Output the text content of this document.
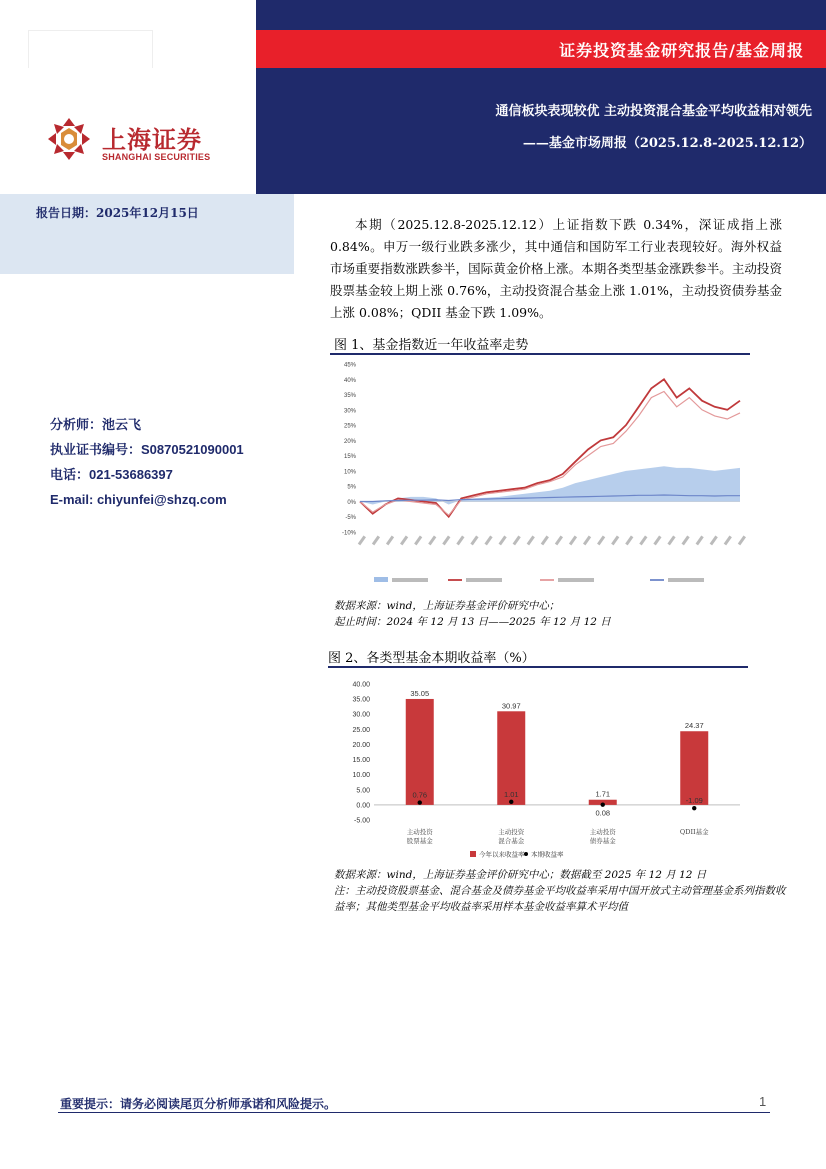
证券投资基金研究报告/基金周报
通信板块表现较优 主动投资混合基金平均收益相对领先
——基金市场周报（2025.12.8-2025.12.12）
上海证券
SHANGHAI SECURITIES
报告日期：2025年12月15日
分析师：池云飞
执业证书编号：S0870521090001
电话：021-53686397
E-mail: chiyunfei@shzq.com
本期（2025.12.8-2025.12.12）上证指数下跌 0.34%，深证成指上涨 0.84%。申万一级行业跌多涨少，其中通信和国防军工行业表现较好。海外权益市场重要指数涨跌参半，国际黄金价格上涨。本期各类型基金涨跌参半。主动投资股票基金较上期上涨 0.76%，主动投资混合基金上涨 1.01%，主动投资债券基金上涨 0.08%；QDII 基金下跌 1.09%。
图 1、基金指数近一年收益率走势
45%
40%
35%
30%
25%
20%
15%
10%
5%
0%
-5%
-10%
数据来源：wind，上海证券基金评价研究中心；
起止时间：2024 年 12 月 13 日——2025 年 12 月 12 日
图 2、各类型基金本期收益率（%）
40.00
35.00
30.00
25.00
20.00
15.00
10.00
5.00
0.00
-5.00
35.05
0.76
主动投资
股票基金
30.97
1.01
主动投资
混合基金
1.71
0.08
主动投资
债券基金
24.37
-1.09
QDII基金
今年以来收益率 本期收益率
数据来源：wind，上海证券基金评价研究中心；数据截至 2025 年 12 月 12 日
注：主动投资股票基金、混合基金及债券基金平均收益率采用中国开放式主动管理基金系列指数收益率；其他类型基金平均收益率采用样本基金收益率算术平均值
重要提示：请务必阅读尾页分析师承诺和风险提示。	1
